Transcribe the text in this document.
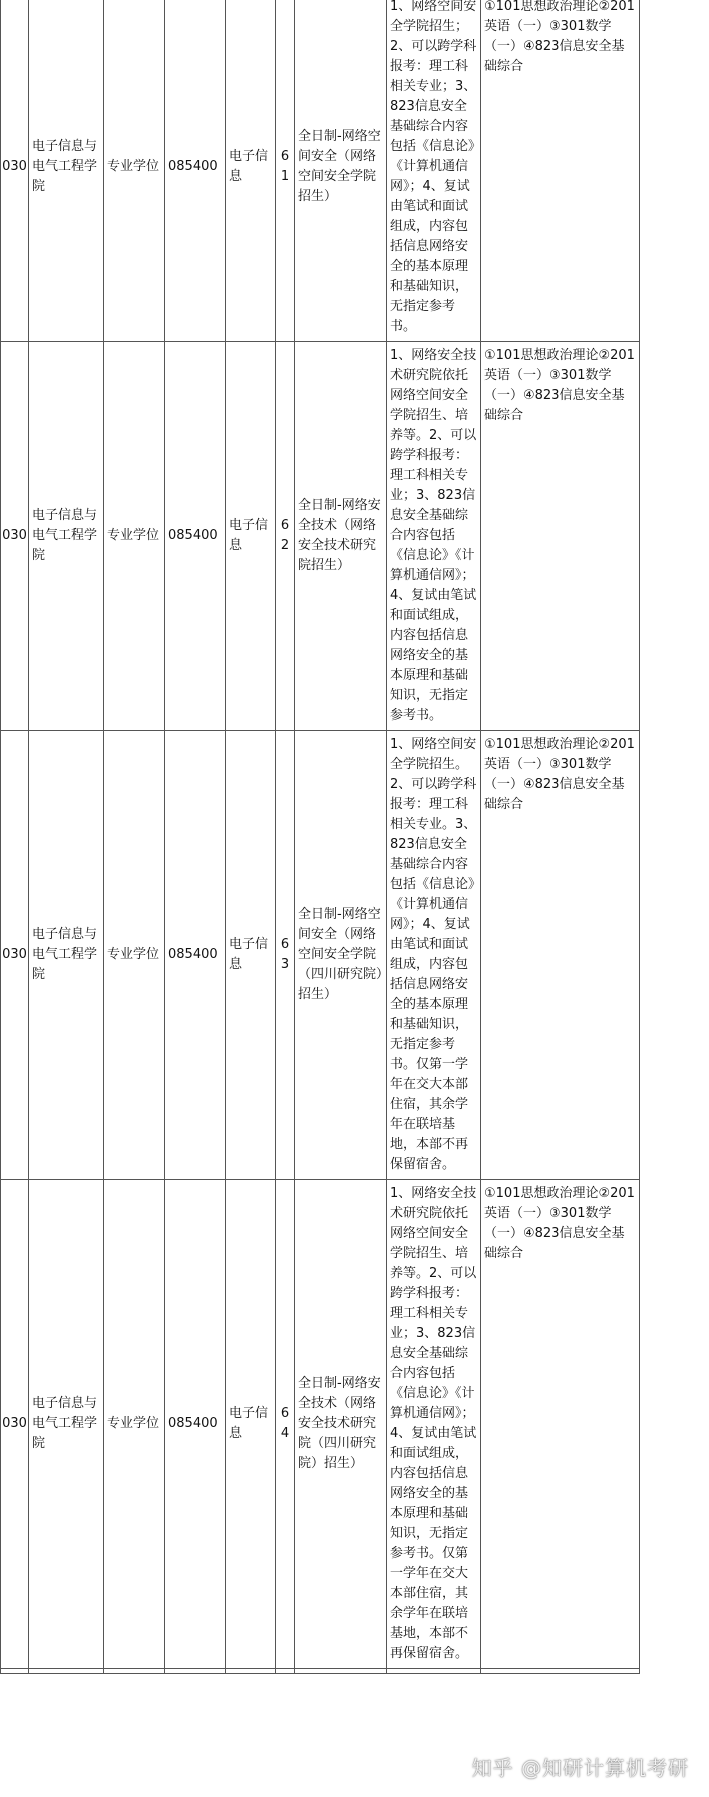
030	电子信息与电气工程学院	专业学位	085400	电子信息	61	全日制-网络空间安全（网络空间安全学院招生）	1、网络空间安全学院招生；2、可以跨学科报考：理工科相关专业；3、823信息安全基础综合内容包括《信息论》《计算机通信网》；4、复试由笔试和面试组成，内容包括信息网络安全的基本原理和基础知识，无指定参考书。	①101思想政治理论②201英语（一）③301数学（一）④823信息安全基础综合
030	电子信息与电气工程学院	专业学位	085400	电子信息	62	全日制-网络安全技术（网络安全技术研究院招生）	1、网络安全技术研究院依托网络空间安全学院招生、培养等。2、可以跨学科报考：理工科相关专业；3、823信息安全基础综合内容包括《信息论》《计算机通信网》；4、复试由笔试和面试组成，内容包括信息网络安全的基本原理和基础知识，无指定参考书。	①101思想政治理论②201英语（一）③301数学（一）④823信息安全基础综合
030	电子信息与电气工程学院	专业学位	085400	电子信息	63	全日制-网络空间安全（网络空间安全学院（四川研究院）招生）	1、网络空间安全学院招生。2、可以跨学科报考：理工科相关专业。3、823信息安全基础综合内容包括《信息论》《计算机通信网》；4、复试由笔试和面试组成，内容包括信息网络安全的基本原理和基础知识，无指定参考书。仅第一学年在交大本部住宿，其余学年在联培基地，本部不再保留宿舍。	①101思想政治理论②201英语（一）③301数学（一）④823信息安全基础综合
030	电子信息与电气工程学院	专业学位	085400	电子信息	64	全日制-网络安全技术（网络安全技术研究院（四川研究院）招生）	1、网络安全技术研究院依托网络空间安全学院招生、培养等。2、可以跨学科报考：理工科相关专业；3、823信息安全基础综合内容包括《信息论》《计算机通信网》；4、复试由笔试和面试组成，内容包括信息网络安全的基本原理和基础知识，无指定参考书。仅第一学年在交大本部住宿，其余学年在联培基地，本部不再保留宿舍。	①101思想政治理论②201英语（一）③301数学（一）④823信息安全基础综合

知乎 @知研计算机考研
